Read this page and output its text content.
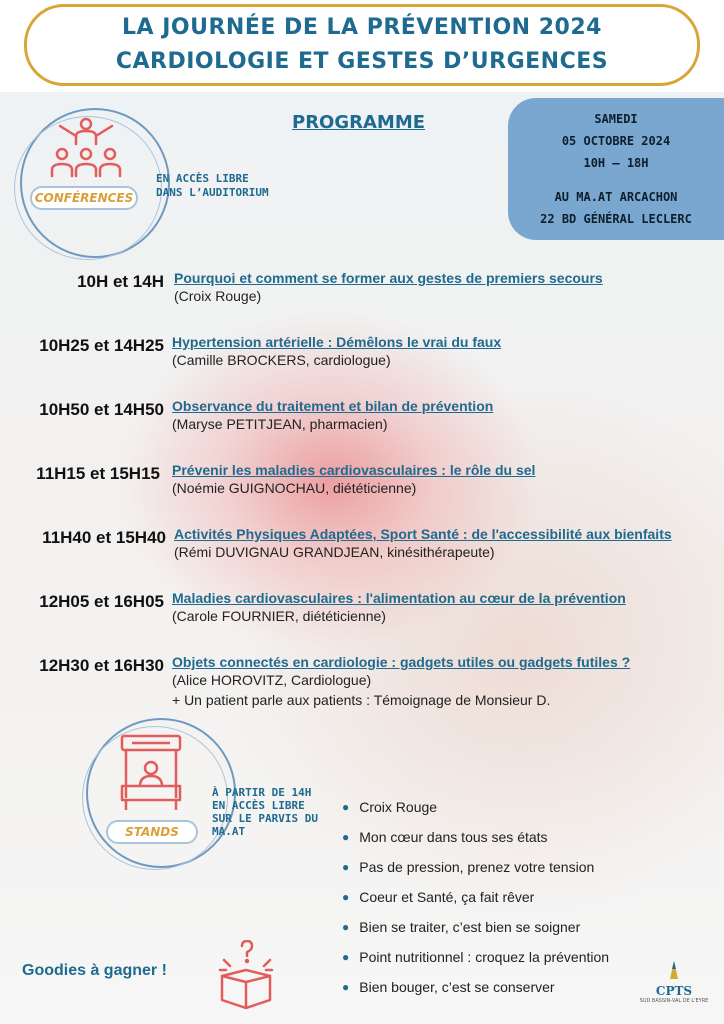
LA JOURNÉE DE LA PRÉVENTION 2024
CARDIOLOGIE ET GESTES D’URGENCES
PROGRAMME	SAMEDI
05 OCTOBRE 2024
10H – 18H
AU MA.AT ARCACHON
22 BD GÉNÉRAL LECLERC
CONFÉRENCES
EN ACCÈS LIBRE
DANS L’AUDITORIUM
10H et 14H Pourquoi et comment se former aux gestes de premiers secours
(Croix Rouge)
10H25 et 14H25 Hypertension artérielle : Démêlons le vrai du faux
(Camille BROCKERS, cardiologue)
10H50 et 14H50 Observance du traitement et bilan de prévention
(Maryse PETITJEAN, pharmacien)
11H15 et 15H15 Prévenir les maladies cardiovasculaires : le rôle du sel
(Noémie GUIGNOCHAU, diététicienne)
11H40 et 15H40 Activités Physiques Adaptées, Sport Santé : de l'accessibilité aux bienfaits
(Rémi DUVIGNAU GRANDJEAN, kinésithérapeute)
12H05 et 16H05 Maladies cardiovasculaires : l'alimentation au cœur de la prévention
(Carole FOURNIER, diététicienne)
12H30 et 16H30 Objets connectés en cardiologie : gadgets utiles ou gadgets futiles ?
(Alice HOROVITZ, Cardiologue)
+ Un patient parle aux patients : Témoignage de Monsieur D.
STANDS
À PARTIR DE 14H
EN ACCÈS LIBRE
SUR LE PARVIS DU
MA.AT
● Croix Rouge
● Mon cœur dans tous ses états
● Pas de pression, prenez votre tension
● Coeur et Santé, ça fait rêver
● Bien se traiter, c’est bien se soigner
● Point nutritionnel : croquez la prévention
● Bien bouger, c’est se conserver
Goodies à gagner !
CPTS
SUD BASSIN-VAL DE L'EYRE
